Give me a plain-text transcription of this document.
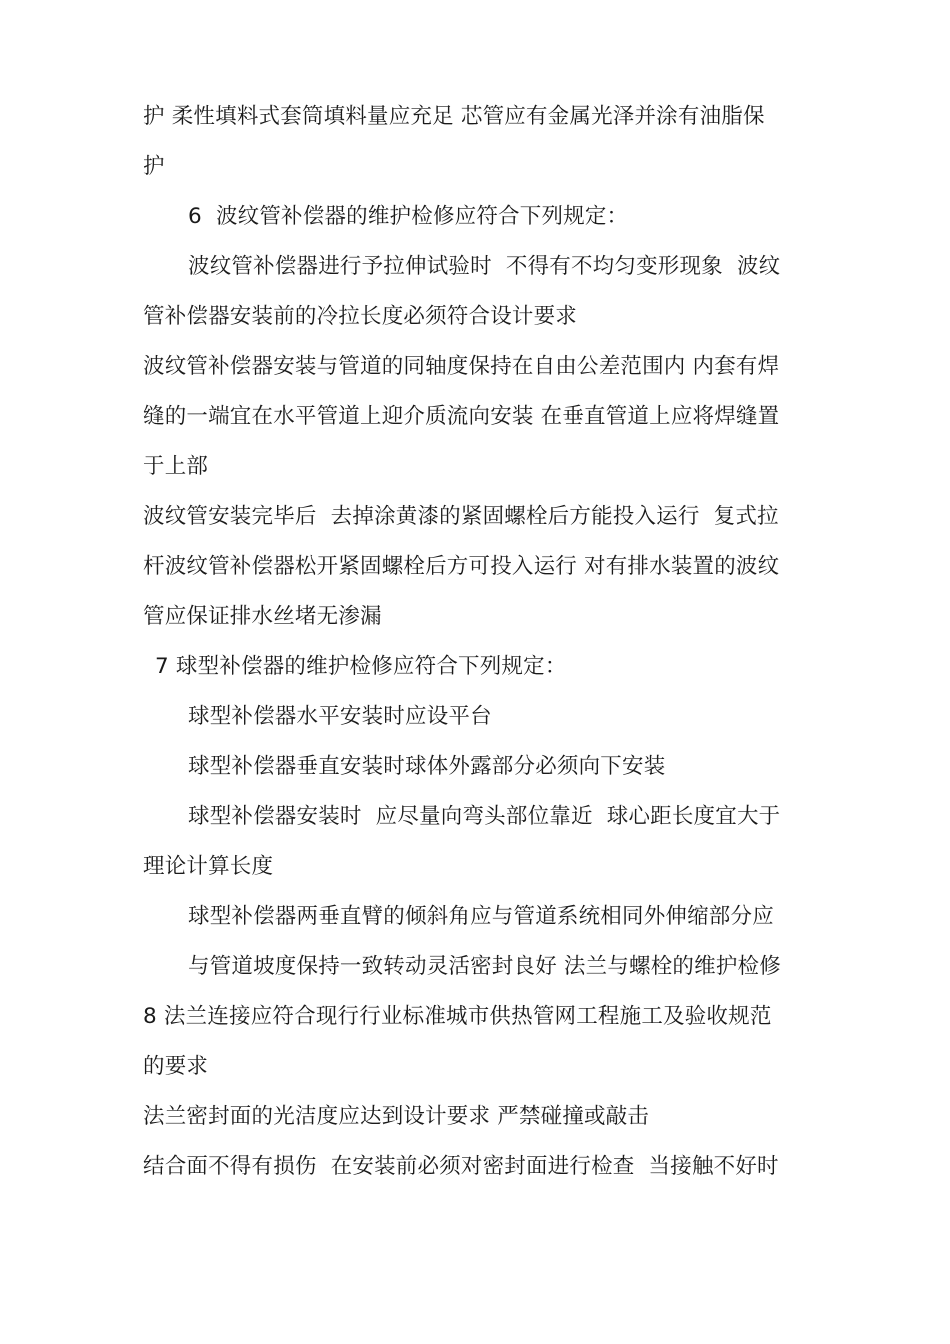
护 柔性填料式套筒填料量应充足 芯管应有金属光泽并涂有油脂保
护
6  波纹管补偿器的维护检修应符合下列规定：
波纹管补偿器进行予拉伸试验时  不得有不均匀变形现象  波纹
管补偿器安装前的冷拉长度必须符合设计要求
波纹管补偿器安装与管道的同轴度保持在自由公差范围内 内套有焊
缝的一端宜在水平管道上迎介质流向安装 在垂直管道上应将焊缝置
于上部
波纹管安装完毕后  去掉涂黄漆的紧固螺栓后方能投入运行  复式拉
杆波纹管补偿器松开紧固螺栓后方可投入运行 对有排水装置的波纹
管应保证排水丝堵无渗漏
7 球型补偿器的维护检修应符合下列规定：
球型补偿器水平安装时应设平台
球型补偿器垂直安装时球体外露部分必须向下安装
球型补偿器安装时  应尽量向弯头部位靠近  球心距长度宜大于
理论计算长度
球型补偿器两垂直臂的倾斜角应与管道系统相同外伸缩部分应
与管道坡度保持一致转动灵活密封良好 法兰与螺栓的维护检修
8 法兰连接应符合现行行业标准城市供热管网工程施工及验收规范
的要求
法兰密封面的光洁度应达到设计要求 严禁碰撞或敲击
结合面不得有损伤  在安装前必须对密封面进行检查  当接触不好时
